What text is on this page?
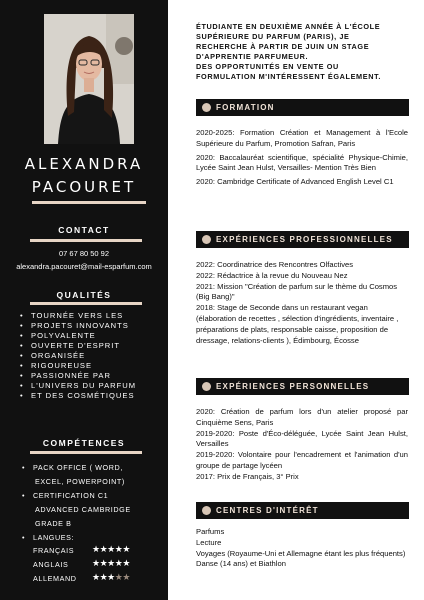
ALEXANDRA
PACOURET
CONTACT
07 67 80 50 92
alexandra.pacouret@mail-esparfum.com
QUALITÉS
• TOURNÉE VERS LES
• PROJETS INNOVANTS
• POLYVALENTE
• OUVERTE D'ESPRIT
• ORGANISÉE
• RIGOUREUSE
• PASSIONNÉE PAR
• L'UNIVERS DU PARFUM
• ET DES COSMÉTIQUES
COMPÉTENCES
• PACK OFFICE ( WORD,
EXCEL, POWERPOINT)
• CERTIFICATION C1
ADVANCED CAMBRIDGE
GRADE B
• LANGUES:
FRANÇAIS ★★★★★
ANGLAIS	★★★★★
ALLEMAND ★★★★★
ÉTUDIANTE EN DEUXIÈME ANNÉE À L'ÉCOLE
SUPÉRIEURE DU PARFUM (PARIS), JE
RECHERCHE À PARTIR DE JUIN UN STAGE
D'APPRENTIE PARFUMEUR.
DES OPPORTUNITÉS EN VENTE OU
FORMULATION M'INTÉRESSENT ÉGALEMENT.
FORMATION

2020-2025: Formation Création et Management à l'Ecole Supérieure du Parfum, Promotion Safran, Paris

2020: Baccalauréat scientifique, spécialité Physique-Chimie, Lycée Saint Jean Hulst, Versailles- Mention Très Bien

2020: Cambridge Certificate of Advanced English Level C1

EXPÉRIENCES PROFESSIONNELLES

2022: Coordinatrice des Rencontres Olfactives

2022: Rédactrice à la revue du Nouveau Nez

2021: Mission "Création de parfum sur le thème du Cosmos (Big Bang)"

2018: Stage de Seconde dans un restaurant vegan (élaboration de recettes , sélection d'ingrédients, inventaire , préparations de plats, responsable caisse, proposition de dressage, relations-clients ), Édimbourg, Écosse

EXPÉRIENCES PERSONNELLES

2020: Création de parfum lors d'un atelier proposé par Cinquième Sens, Paris

2019-2020: Poste d'Éco-déléguée, Lycée Saint Jean Hulst, Versailles

2019-2020: Volontaire pour l'encadrement et l'animation d'un groupe de partage lycéen

2017: Prix de Français, 3° Prix

CENTRES D'INTÉRÊT

Parfums

Lecture

Voyages (Royaume-Uni et Allemagne étant les plus fréquents)

Danse (14 ans) et Biathlon
